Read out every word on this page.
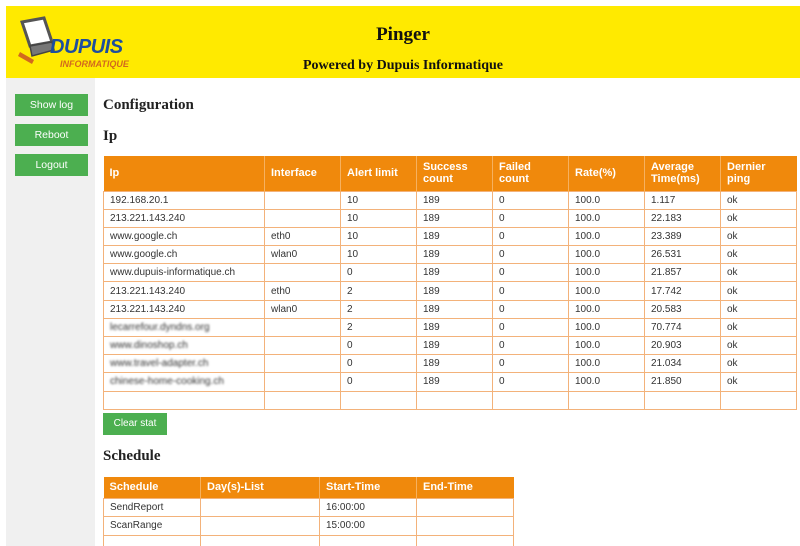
DUPUIS
INFORMATIQUE
Pinger
Powered by Dupuis Informatique
Show log
Reboot
Logout
Configuration
Ip
Ip	Interface	Alert limit	Success count	Failed count	Rate(%)	Average Time(ms)	Dernier ping
192.168.20.1		10	189	0	100.0	1.117	ok
213.221.143.240		10	189	0	100.0	22.183	ok
www.google.ch	eth0	10	189	0	100.0	23.389	ok
www.google.ch	wlan0	10	189	0	100.0	26.531	ok
www.dupuis-informatique.ch		0	189	0	100.0	21.857	ok
213.221.143.240	eth0	2	189	0	100.0	17.742	ok
213.221.143.240	wlan0	2	189	0	100.0	20.583	ok
lecarrefour.dyndns.org		2	189	0	100.0	70.774	ok
www.dinoshop.ch		0	189	0	100.0	20.903	ok
www.travel-adapter.ch		0	189	0	100.0	21.034	ok
chinese-home-cooking.ch		0	189	0	100.0	21.850	ok

Clear stat
Schedule
Schedule	Day(s)-List	Start-Time	End-Time
SendReport		16:00:00	
ScanRange		15:00:00	
